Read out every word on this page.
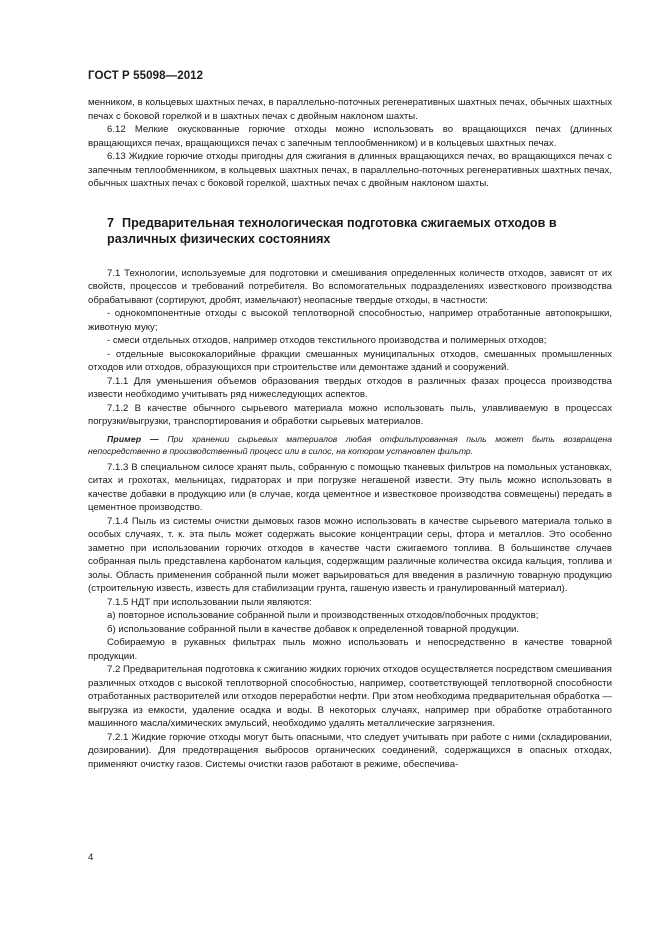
ГОСТ Р 55098—2012

менником, в кольцевых шахтных печах, в параллельно-поточных регенеративных шахтных печах, обычных шахтных печах с боковой горелкой и в шахтных печах с двойным наклоном шахты.

6.12 Мелкие окускованные горючие отходы можно использовать во вращающихся печах (длинных вращающихся печах, вращающихся печах с запечным теплообменником) и в кольцевых шахтных печах.

6.13 Жидкие горючие отходы пригодны для сжигания в длинных вращающихся печах, во вращающихся печах с запечным теплообменником, в кольцевых шахтных печах, в параллельно-поточных регенеративных шахтных печах, обычных шахтных печах с боковой горелкой, шахтных печах с двойным наклоном шахты.

7 Предварительная технологическая подготовка сжигаемых отходов в различных физических состояниях

7.1 Технологии, используемые для подготовки и смешивания определенных количеств отходов, зависят от их свойств, процессов и требований потребителя. Во вспомогательных подразделениях известкового производства обрабатывают (сортируют, дробят, измельчают) неопасные твердые отходы, в частности:

- однокомпонентные отходы с высокой теплотворной способностью, например отработанные автопокрышки, животную муку;

- смеси отдельных отходов, например отходов текстильного производства и полимерных отходов;

- отдельные высококалорийные фракции смешанных муниципальных отходов, смешанных промышленных отходов или отходов, образующихся при строительстве или демонтаже зданий и сооружений.

7.1.1 Для уменьшения объемов образования твердых отходов в различных фазах процесса производства извести необходимо учитывать ряд нижеследующих аспектов.

7.1.2 В качестве обычного сырьевого материала можно использовать пыль, улавливаемую в процессах погрузки/выгрузки, транспортирования и обработки сырьевых материалов.

Пример — При хранении сырьевых материалов любая отфильтрованная пыль может быть возвращена непосредственно в производственный процесс или в силос, на котором установлен фильтр.

7.1.3 В специальном силосе хранят пыль, собранную с помощью тканевых фильтров на помольных установках, ситах и грохотах, мельницах, гидраторах и при погрузке негашеной извести. Эту пыль можно использовать в качестве добавки в продукцию или (в случае, когда цементное и известковое производства совмещены) передать в цементное производство.

7.1.4 Пыль из системы очистки дымовых газов можно использовать в качестве сырьевого материала только в особых случаях, т. к. эта пыль может содержать высокие концентрации серы, фтора и металлов. Это особенно заметно при использовании горючих отходов в качестве части сжигаемого топлива. В большинстве случаев собранная пыль представлена карбонатом кальция, содержащим различные количества оксида кальция, топлива и золы. Область применения собранной пыли может варьироваться для введения в различную товарную продукцию (строительную известь, известь для стабилизации грунта, гашеную известь и гранулированный материал).

7.1.5 НДТ при использовании пыли являются:

а) повторное использование собранной пыли и производственных отходов/побочных продуктов;

б) использование собранной пыли в качестве добавок к определенной товарной продукции.

Собираемую в рукавных фильтрах пыль можно использовать и непосредственно в качестве товарной продукции.

7.2 Предварительная подготовка к сжиганию жидких горючих отходов осуществляется посредством смешивания различных отходов с высокой теплотворной способностью, например, соответствующей теплотворной способности отработанных растворителей или отходов переработки нефти. При этом необходима предварительная обработка — выгрузка из емкости, удаление осадка и воды. В некоторых случаях, например при обработке отработанного машинного масла/химических эмульсий, необходимо удалять металлические загрязнения.

7.2.1 Жидкие горючие отходы могут быть опасными, что следует учитывать при работе с ними (складировании, дозировании). Для предотвращения выбросов органических соединений, содержащихся в опасных отходах, применяют очистку газов. Системы очистки газов работают в режиме, обеспечива-

4
